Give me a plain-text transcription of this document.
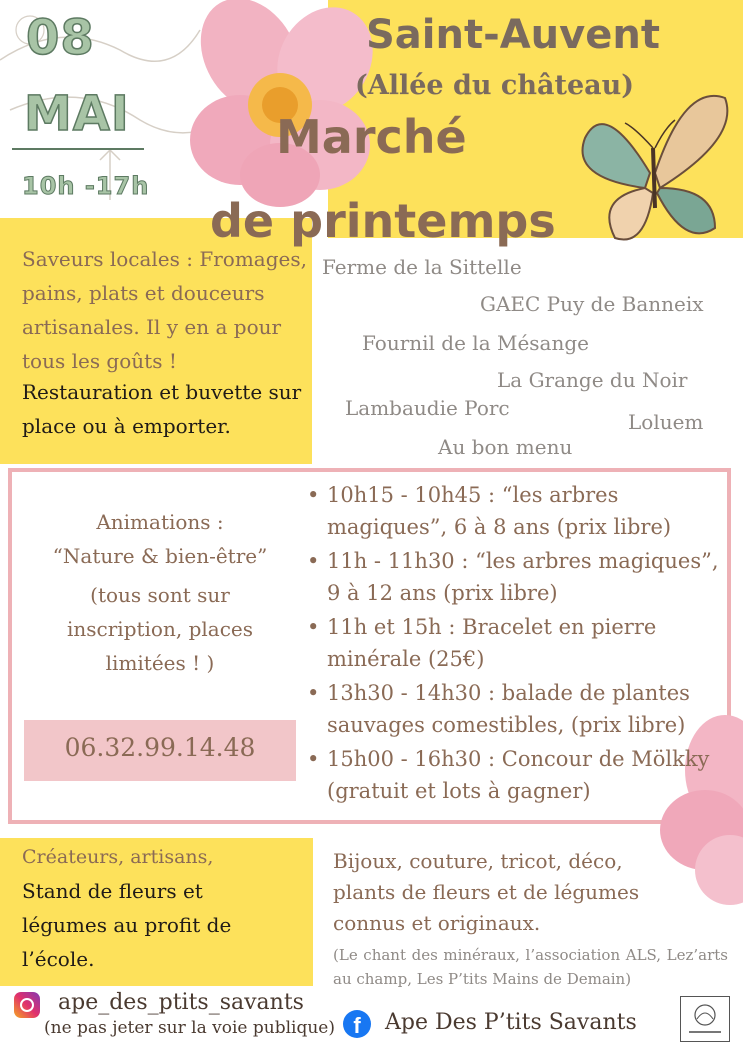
08
MAI
10h -17h
Saint-Auvent
(Allée du château)
Marché
de printemps
Saveurs locales : Fromages, pains, plats et douceurs artisanales. Il y en a pour tous les goûts !
Restauration et buvette sur place ou à emporter.
Ferme de la Sittelle
GAEC Puy de Banneix
Fournil de la Mésange
La Grange du Noir
Lambaudie Porc
Loluem
Au bon menu
Animations :
“Nature & bien-être”
(tous sont sur inscription, places limitées ! )
06.32.99.14.48
• 10h15 - 10h45 : “les arbres magiques”, 6 à 8 ans (prix libre)
• 11h - 11h30 : “les arbres magiques”, 9 à 12 ans (prix libre)
• 11h et 15h : Bracelet en pierre minérale (25€)
• 13h30 - 14h30 : balade de plantes sauvages comestibles, (prix libre)
• 15h00 - 16h30 : Concour de Mölkky (gratuit et lots à gagner)
Créateurs, artisans,
Stand de fleurs et légumes au profit de l’école.
Bijoux, couture, tricot, déco, plants de fleurs et de légumes connus et originaux.
(Le chant des minéraux, l’association ALS, Lez’arts au champ, Les P’tits Mains de Demain)
ape_des_ptits_savants
(ne pas jeter sur la voie publique) f	Ape Des P’tits Savants
